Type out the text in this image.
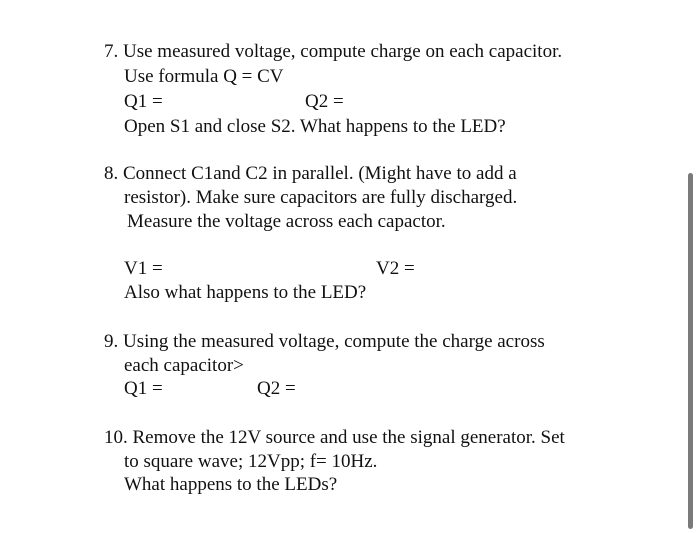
7. Use measured voltage, compute charge on each capacitor.
Use formula Q = CV
Q1 =	Q2 =
Open S1 and close S2. What happens to the LED?
8. Connect C1and C2 in parallel. (Might have to add a
resistor). Make sure capacitors are fully discharged.
Measure the voltage across each capactor.
V1 =	V2 =
Also what happens to the LED?
9. Using the measured voltage, compute the charge across
each capacitor>
Q1 =	Q2 =
10. Remove the 12V source and use the signal generator. Set
to square wave; 12Vpp; f= 10Hz.
What happens to the LEDs?
